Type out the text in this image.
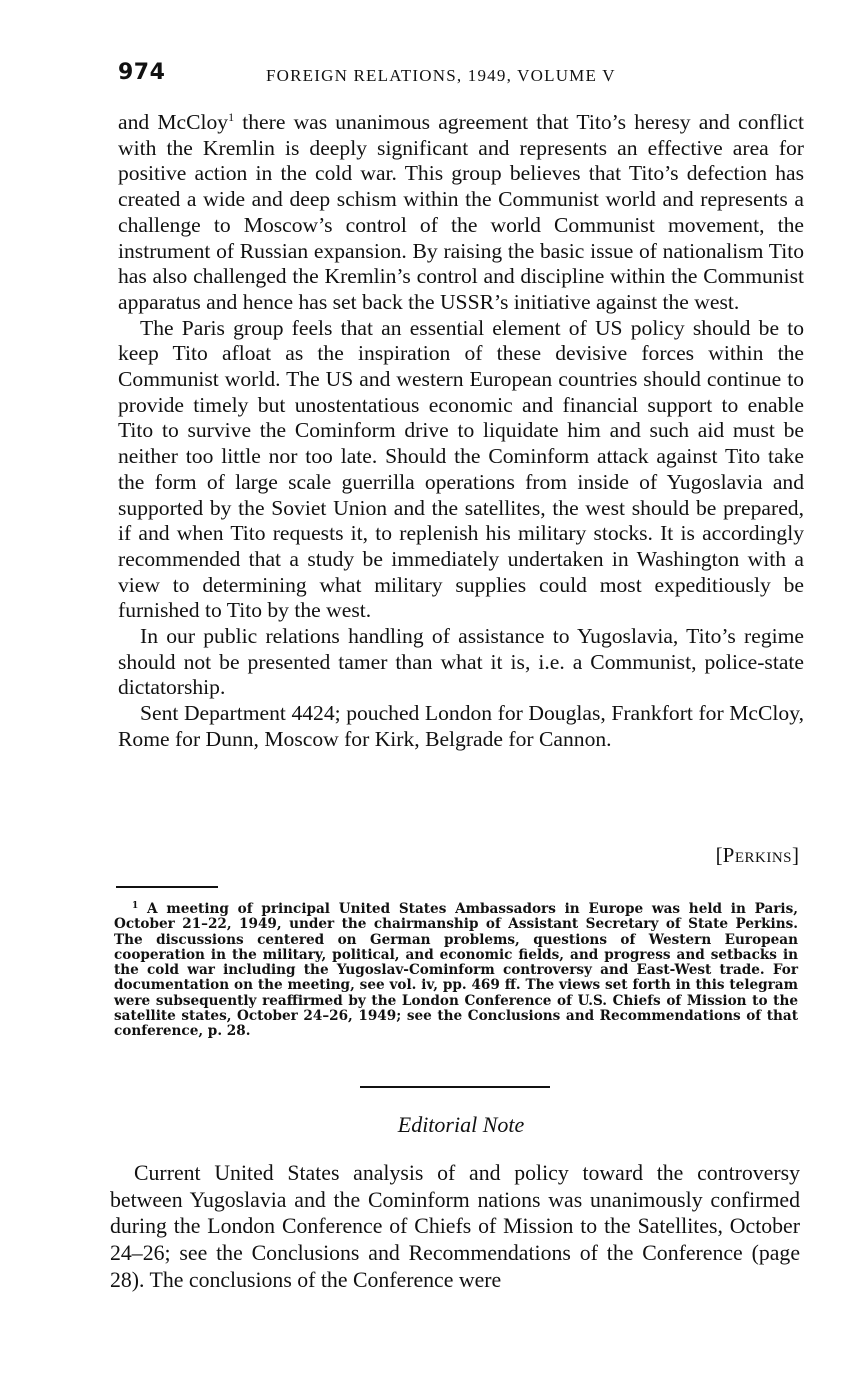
974	FOREIGN RELATIONS, 1949, VOLUME V

and McCloy$^1$ there was unanimous agreement that Tito’s heresy and conflict with the Kremlin is deeply significant and represents an effective area for positive action in the cold war. This group believes that Tito’s defection has created a wide and deep schism within the Communist world and represents a challenge to Moscow’s control of the world Communist movement, the instrument of Russian expansion. By raising the basic issue of nationalism Tito has also challenged the Kremlin’s control and discipline within the Communist apparatus and hence has set back the USSR’s initiative against the west.

The Paris group feels that an essential element of US policy should be to keep Tito afloat as the inspiration of these devisive forces within the Communist world. The US and western European countries should continue to provide timely but unostentatious economic and financial support to enable Tito to survive the Cominform drive to liquidate him and such aid must be neither too little nor too late. Should the Cominform attack against Tito take the form of large scale guerrilla operations from inside of Yugoslavia and supported by the Soviet Union and the satellites, the west should be prepared, if and when Tito requests it, to replenish his military stocks. It is accordingly recommended that a study be immediately undertaken in Washington with a view to determining what military supplies could most expeditiously be furnished to Tito by the west.

In our public relations handling of assistance to Yugoslavia, Tito’s regime should not be presented tamer than what it is, i.e. a Communist, police-state dictatorship.

Sent Department 4424; pouched London for Douglas, Frankfort for McCloy, Rome for Dunn, Moscow for Kirk, Belgrade for Cannon.

[Perkins]

$^1$ A meeting of principal United States Ambassadors in Europe was held in Paris, October 21–22, 1949, under the chairmanship of Assistant Secretary of State Perkins. The discussions centered on German problems, questions of Western European cooperation in the military, political, and economic fields, and progress and setbacks in the cold war including the Yugoslav-Cominform controversy and East-West trade. For documentation on the meeting, see vol. iv, pp. 469 ff. The views set forth in this telegram were subsequently reaffirmed by the London Conference of U.S. Chiefs of Mission to the satellite states, October 24–26, 1949; see the Conclusions and Recommendations of that conference, p. 28.

Editorial Note

Current United States analysis of and policy toward the controversy between Yugoslavia and the Cominform nations was unanimously confirmed during the London Conference of Chiefs of Mission to the Satellites, October 24–26; see the Conclusions and Recommendations of the Conference (page 28). The conclusions of the Conference were
